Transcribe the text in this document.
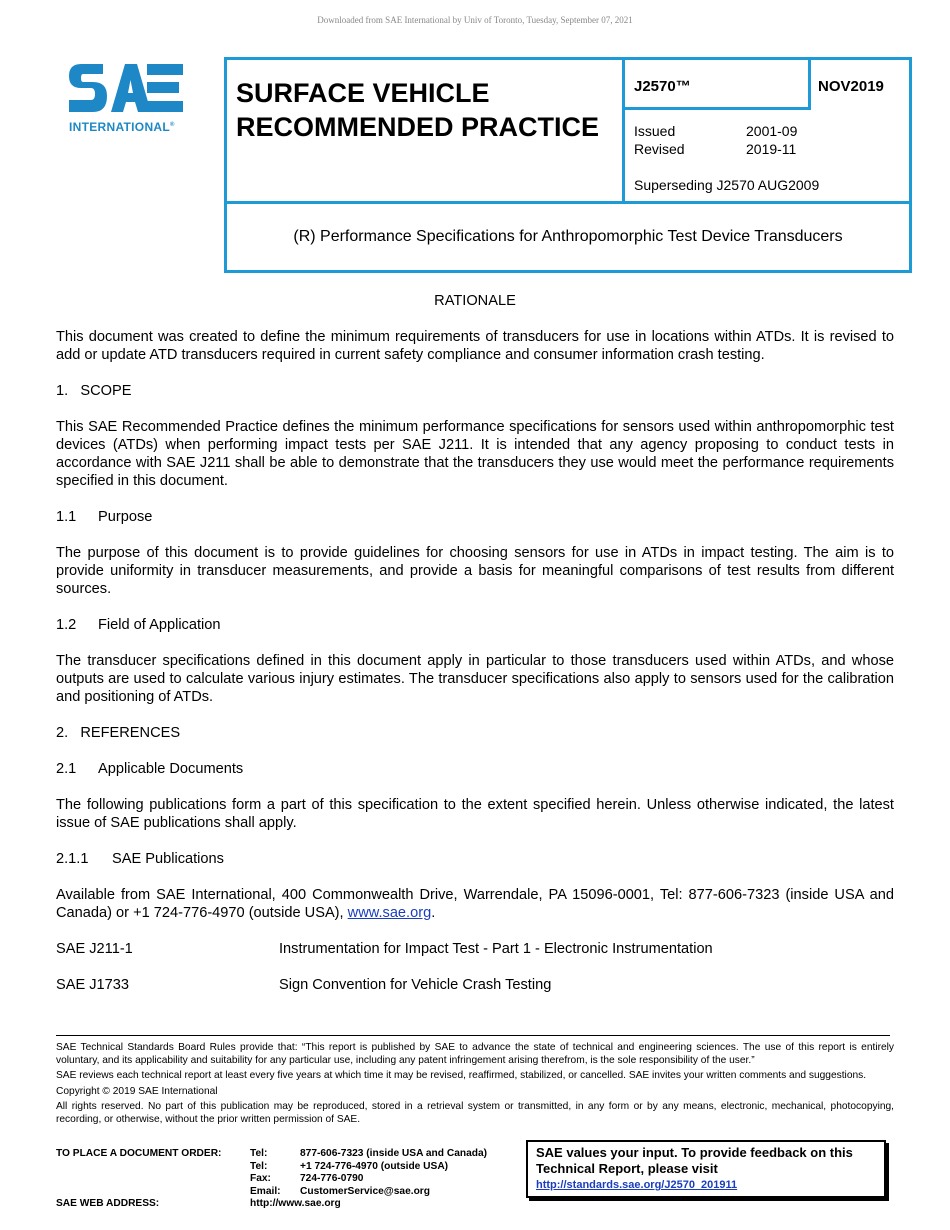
Downloaded from SAE International by Univ of Toronto, Tuesday, September 07, 2021
INTERNATIONAL®
SURFACE VEHICLE
RECOMMENDED PRACTICE
J2570™	NOV2019
Issued	2001-09
Revised	2019-11
Superseding J2570 AUG2009
(R) Performance Specifications for Anthropomorphic Test Device Transducers

RATIONALE

This document was created to define the minimum requirements of transducers for use in locations within ATDs. It is revised to add or update ATD transducers required in current safety compliance and consumer information crash testing.

1. SCOPE

This SAE Recommended Practice defines the minimum performance specifications for sensors used within anthropomorphic test devices (ATDs) when performing impact tests per SAE J211. It is intended that any agency proposing to conduct tests in accordance with SAE J211 shall be able to demonstrate that the transducers they use would meet the performance requirements specified in this document.

1.1 Purpose

The purpose of this document is to provide guidelines for choosing sensors for use in ATDs in impact testing. The aim is to provide uniformity in transducer measurements, and provide a basis for meaningful comparisons of test results from different sources.

1.2 Field of Application

The transducer specifications defined in this document apply in particular to those transducers used within ATDs, and whose outputs are used to calculate various injury estimates. The transducer specifications also apply to sensors used for the calibration and positioning of ATDs.

2. REFERENCES

2.1 Applicable Documents

The following publications form a part of this specification to the extent specified herein. Unless otherwise indicated, the latest issue of SAE publications shall apply.

2.1.1 SAE Publications

Available from SAE International, 400 Commonwealth Drive, Warrendale, PA 15096-0001, Tel: 877-606-7323 (inside USA and Canada) or +1 724-776-4970 (outside USA), www.sae.org.

SAE J211-1	Instrumentation for Impact Test - Part 1 - Electronic Instrumentation
SAE J1733	Sign Convention for Vehicle Crash Testing

SAE Technical Standards Board Rules provide that: “This report is published by SAE to advance the state of technical and engineering sciences. The use of this report is entirely voluntary, and its applicability and suitability for any particular use, including any patent infringement arising therefrom, is the sole responsibility of the user.”

SAE reviews each technical report at least every five years at which time it may be revised, reaffirmed, stabilized, or cancelled. SAE invites your written comments and suggestions.

Copyright © 2019 SAE International

All rights reserved. No part of this publication may be reproduced, stored in a retrieval system or transmitted, in any form or by any means, electronic, mechanical, photocopying, recording, or otherwise, without the prior written permission of SAE.

TO PLACE A DOCUMENT ORDER:	Tel:	877-606-7323 (inside USA and Canada)
Tel:	+1 724-776-4970 (outside USA)
Fax:	724-776-0790
Email:	CustomerService@sae.org
SAE WEB ADDRESS:	http://www.sae.org
SAE values your input. To provide feedback on this
Technical Report, please visit
http://standards.sae.org/J2570_201911
